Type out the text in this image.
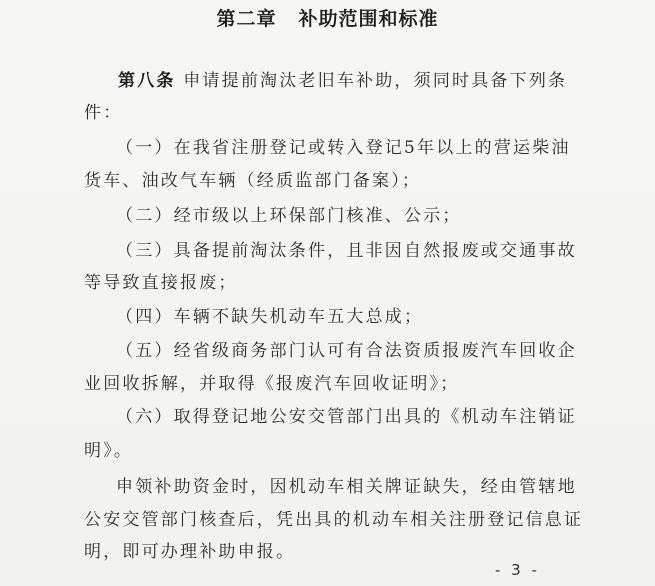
第二章 补助范围和标准
第八条 申请提前淘汰老旧车补助，须同时具备下列条
件：
（一）在我省注册登记或转入登记5年以上的营运柴油
货车、油改气车辆（经质监部门备案）；
（二）经市级以上环保部门核准、公示；
（三）具备提前淘汰条件，且非因自然报废或交通事故
等导致直接报废；
（四）车辆不缺失机动车五大总成；
（五）经省级商务部门认可有合法资质报废汽车回收企
业回收拆解，并取得《报废汽车回收证明》；
（六）取得登记地公安交管部门出具的《机动车注销证
明》。
申领补助资金时，因机动车相关牌证缺失，经由管辖地
公安交管部门核查后，凭出具的机动车相关注册登记信息证
明，即可办理补助申报。
- 3 -
